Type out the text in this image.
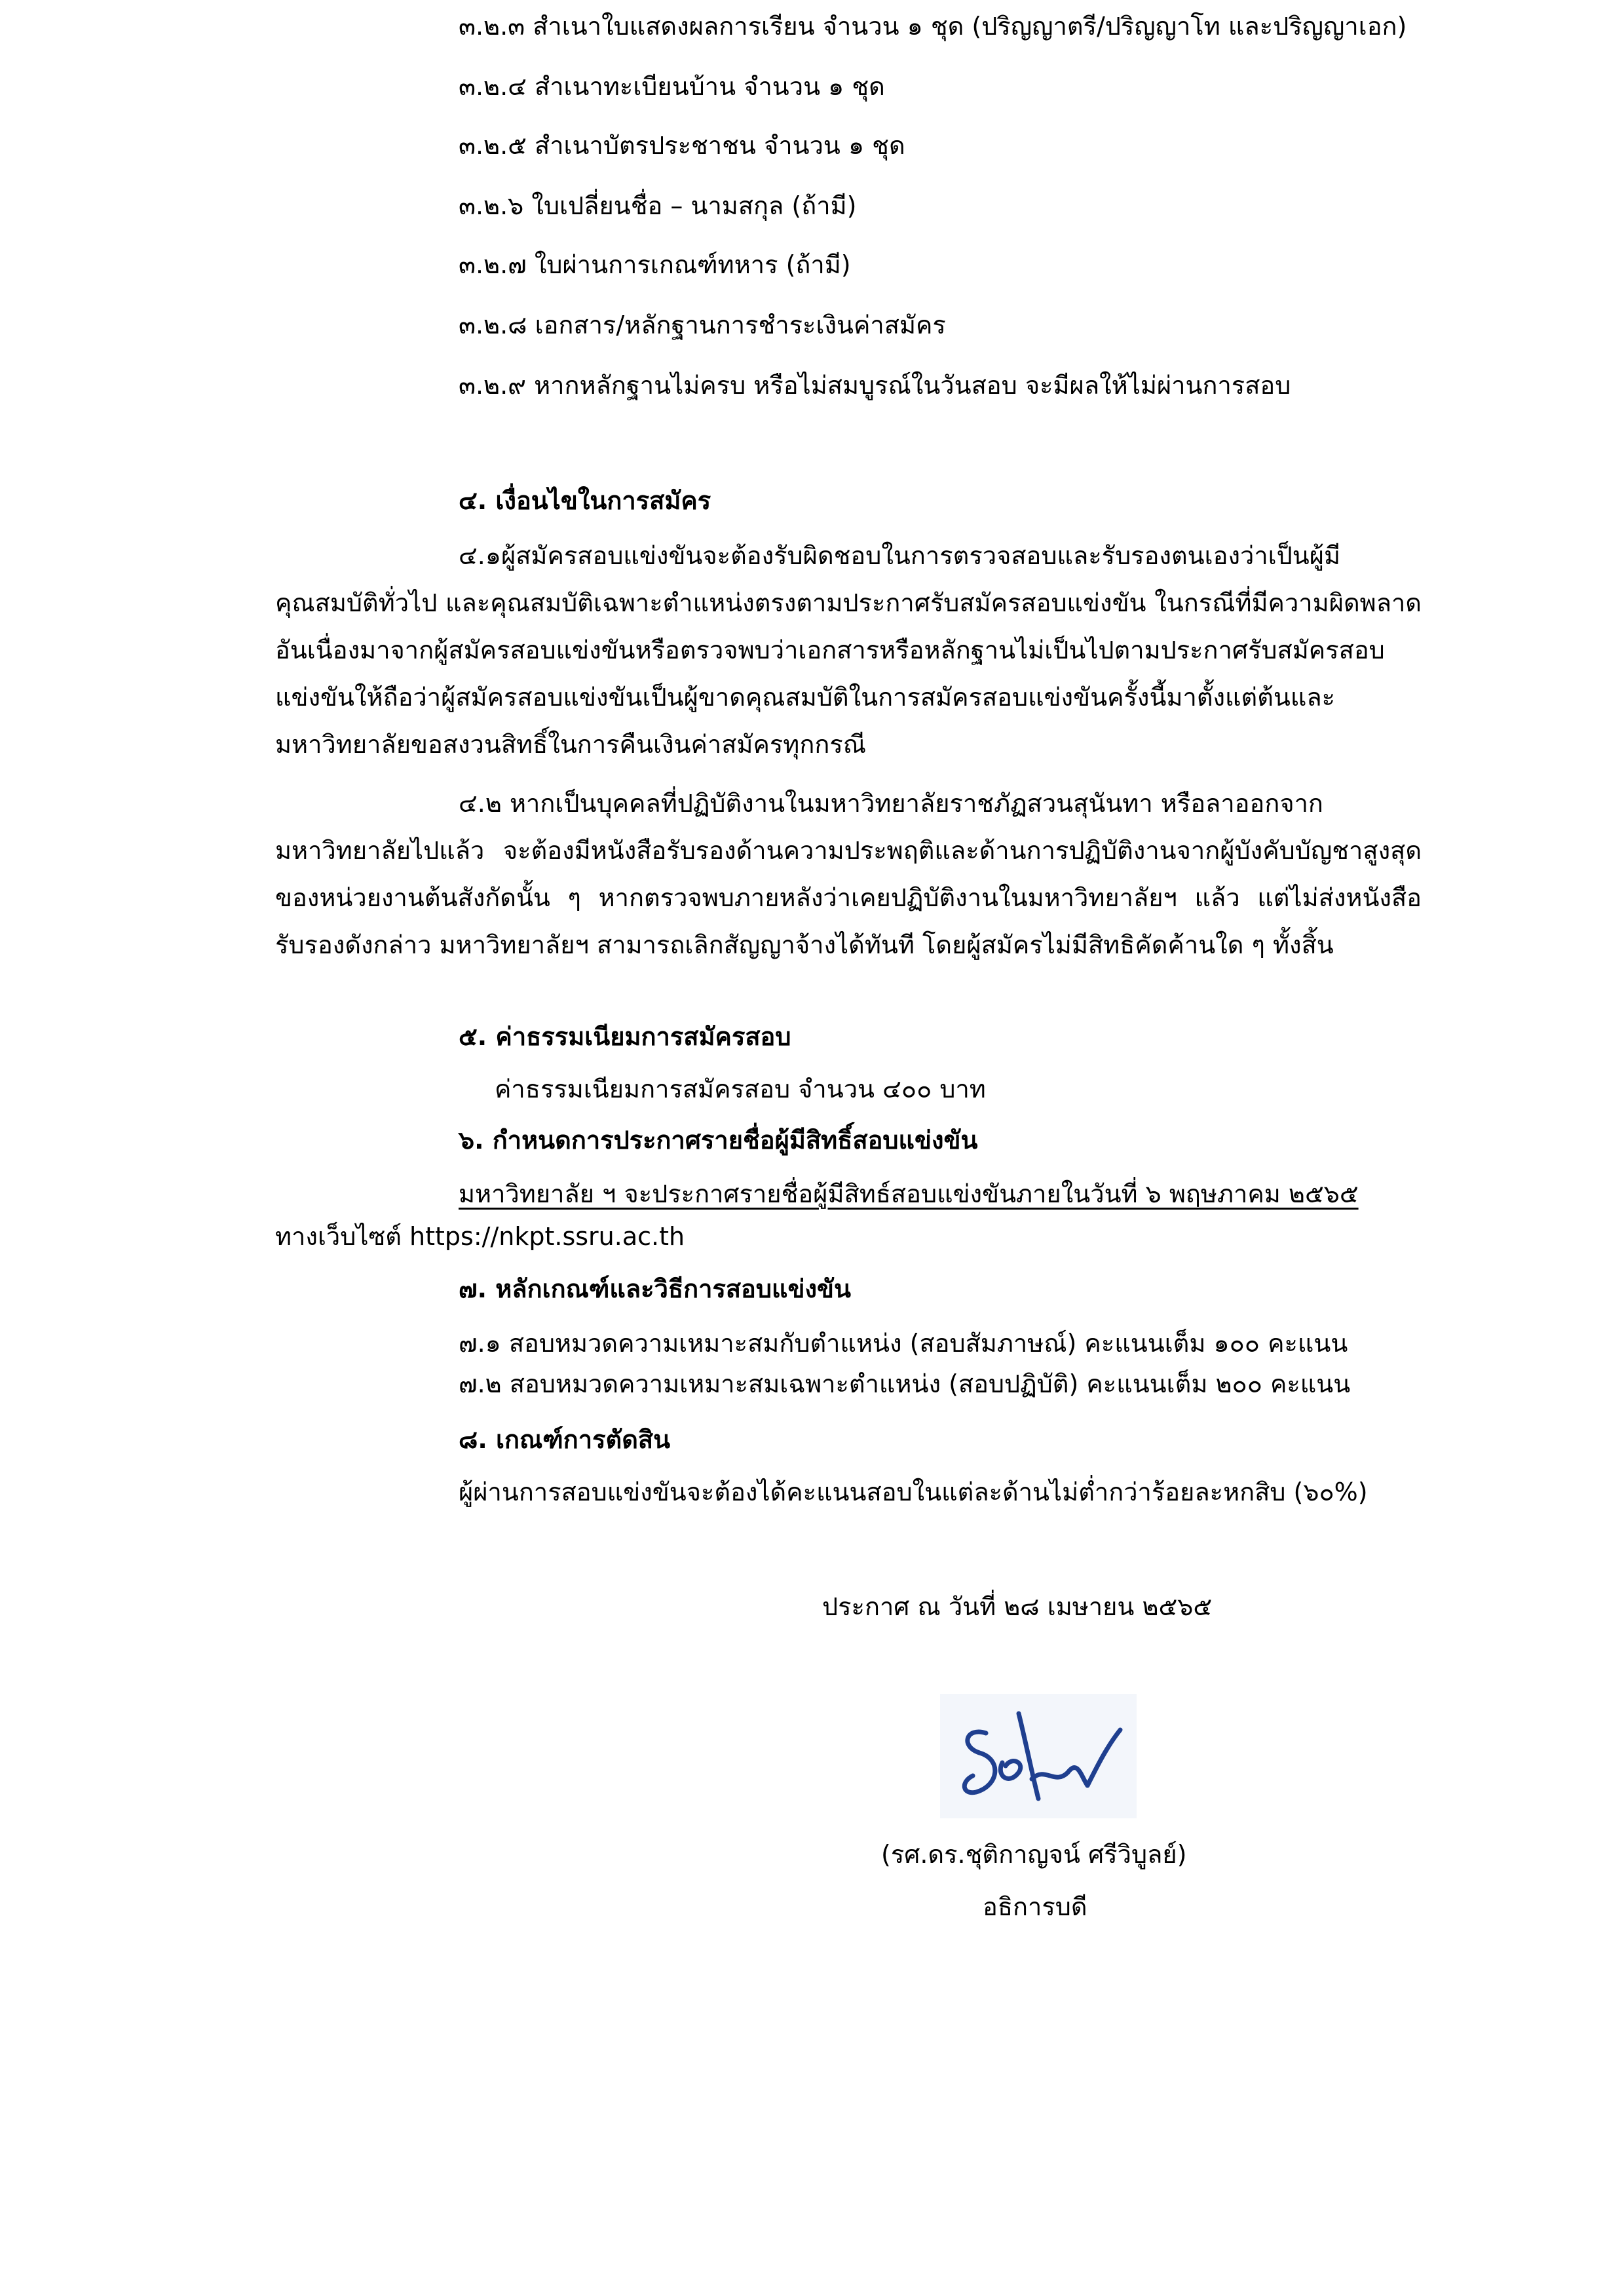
๓.๒.๓ สำเนาใบแสดงผลการเรียน จำนวน ๑ ชุด (ปริญญาตรี/ปริญญาโท และปริญญาเอก)
๓.๒.๔ สำเนาทะเบียนบ้าน จำนวน ๑ ชุด
๓.๒.๕ สำเนาบัตรประชาชน จำนวน ๑ ชุด
๓.๒.๖ ใบเปลี่ยนชื่อ – นามสกุล (ถ้ามี)
๓.๒.๗ ใบผ่านการเกณฑ์ทหาร (ถ้ามี)
๓.๒.๘ เอกสาร/หลักฐานการชำระเงินค่าสมัคร
๓.๒.๙ หากหลักฐานไม่ครบ หรือไม่สมบูรณ์ในวันสอบ จะมีผลให้ไม่ผ่านการสอบ
๔. เงื่อนไขในการสมัคร
๔.๑ผู้สมัครสอบแข่งขันจะต้องรับผิดชอบในการตรวจสอบและรับรองตนเองว่าเป็นผู้มี
คุณสมบัติทั่วไป และคุณสมบัติเฉพาะตำแหน่งตรงตามประกาศรับสมัครสอบแข่งขัน ในกรณีที่มีความผิดพลาด
อันเนื่องมาจากผู้สมัครสอบแข่งขันหรือตรวจพบว่าเอกสารหรือหลักฐานไม่เป็นไปตามประกาศรับสมัครสอบ
แข่งขันให้ถือว่าผู้สมัครสอบแข่งขันเป็นผู้ขาดคุณสมบัติในการสมัครสอบแข่งขันครั้งนี้มาตั้งแต่ต้นและ
มหาวิทยาลัยขอสงวนสิทธิ์ในการคืนเงินค่าสมัครทุกกรณี
๔.๒ หากเป็นบุคคลที่ปฏิบัติงานในมหาวิทยาลัยราชภัฏสวนสุนันทา หรือลาออกจาก
มหาวิทยาลัยไปแล้ว จะต้องมีหนังสือรับรองด้านความประพฤติและด้านการปฏิบัติงานจากผู้บังคับบัญชาสูงสุด
ของหน่วยงานต้นสังกัดนั้น ๆ หากตรวจพบภายหลังว่าเคยปฏิบัติงานในมหาวิทยาลัยฯ แล้ว แต่ไม่ส่งหนังสือ
รับรองดังกล่าว มหาวิทยาลัยฯ สามารถเลิกสัญญาจ้างได้ทันที โดยผู้สมัครไม่มีสิทธิคัดค้านใด ๆ ทั้งสิ้น
๕. ค่าธรรมเนียมการสมัครสอบ
ค่าธรรมเนียมการสมัครสอบ จำนวน ๔๐๐ บาท
๖. กำหนดการประกาศรายชื่อผู้มีสิทธิ์สอบแข่งขัน
มหาวิทยาลัย ฯ จะประกาศรายชื่อผู้มีสิทธ์สอบแข่งขันภายในวันที่ ๖ พฤษภาคม ๒๕๖๕
ทางเว็บไซต์ https://nkpt.ssru.ac.th
๗. หลักเกณฑ์และวิธีการสอบแข่งขัน
๗.๑ สอบหมวดความเหมาะสมกับตำแหน่ง (สอบสัมภาษณ์) คะแนนเต็ม ๑๐๐ คะแนน
๗.๒ สอบหมวดความเหมาะสมเฉพาะตำแหน่ง (สอบปฏิบัติ) คะแนนเต็ม ๒๐๐ คะแนน
๘. เกณฑ์การตัดสิน
ผู้ผ่านการสอบแข่งขันจะต้องได้คะแนนสอบในแต่ละด้านไม่ต่ำกว่าร้อยละหกสิบ (๖๐%)
ประกาศ ณ วันที่ ๒๘ เมษายน ๒๕๖๕
(รศ.ดร.ชุติกาญจน์ ศรีวิบูลย์)
อธิการบดี
